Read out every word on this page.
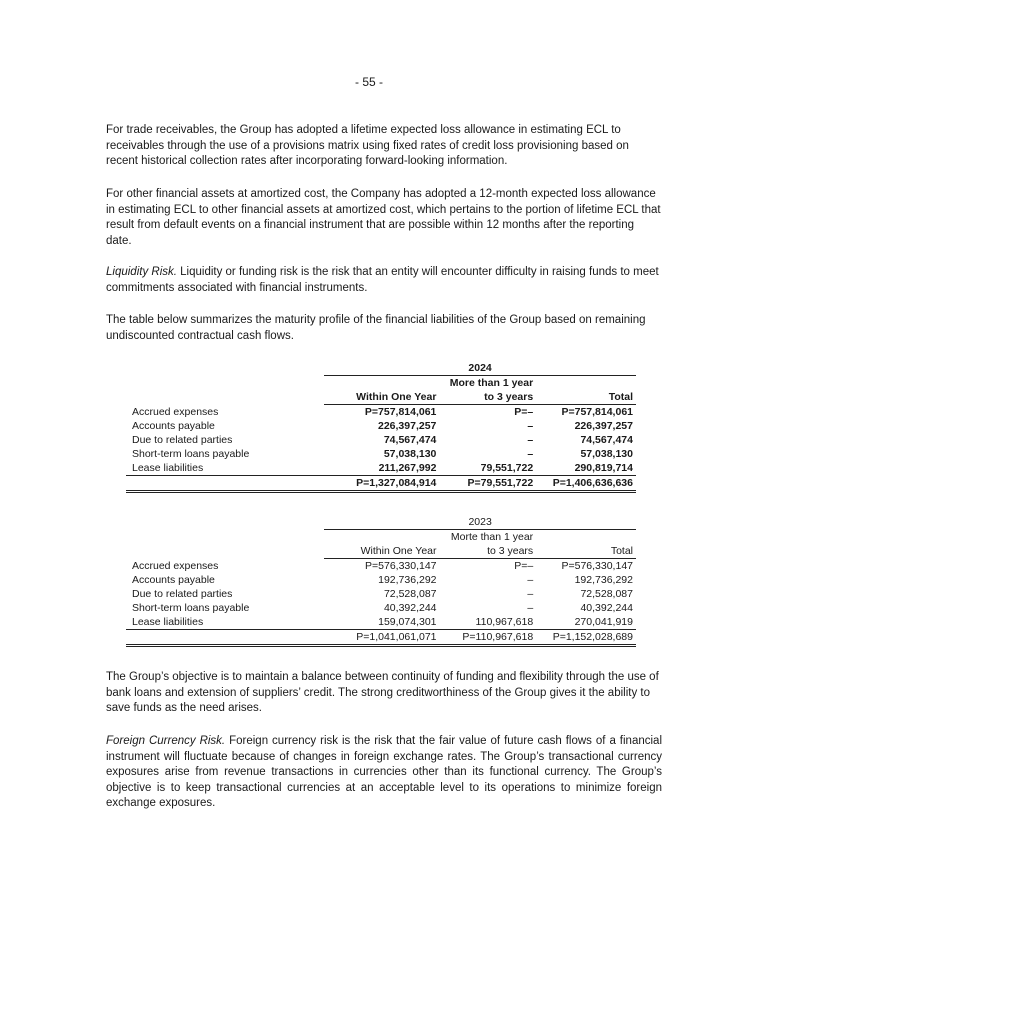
- 55 -

For trade receivables, the Group has adopted a lifetime expected loss allowance in estimating ECL to receivables through the use of a provisions matrix using fixed rates of credit loss provisioning based on recent historical collection rates after incorporating forward-looking information.

For other financial assets at amortized cost, the Company has adopted a 12-month expected loss allowance in estimating ECL to other financial assets at amortized cost, which pertains to the portion of lifetime ECL that result from default events on a financial instrument that are possible within 12 months after the reporting date.

Liquidity Risk. Liquidity or funding risk is the risk that an entity will encounter difficulty in raising funds to meet commitments associated with financial instruments.

The table below summarizes the maturity profile of the financial liabilities of the Group based on remaining undiscounted contractual cash flows.

	2024		
		More than 1 year	
	Within One Year	to 3 years	Total
Accrued expenses	P=757,814,061	P=–	P=757,814,061
Accounts payable	226,397,257	–	226,397,257
Due to related parties	74,567,474	–	74,567,474
Short-term loans payable	57,038,130	–	57,038,130
Lease liabilities	211,267,992	79,551,722	290,819,714
	P=1,327,084,914	P=79,551,722	P=1,406,636,636
	2023		
		Morte than 1 year	
	Within One Year	to 3 years	Total
Accrued expenses	P=576,330,147	P=–	P=576,330,147
Accounts payable	192,736,292	–	192,736,292
Due to related parties	72,528,087	–	72,528,087
Short-term loans payable	40,392,244	–	40,392,244
Lease liabilities	159,074,301	110,967,618	270,041,919
	P=1,041,061,071	P=110,967,618	P=1,152,028,689

The Group’s objective is to maintain a balance between continuity of funding and flexibility through the use of bank loans and extension of suppliers’ credit. The strong creditworthiness of the Group gives it the ability to save funds as the need arises.

Foreign Currency Risk. Foreign currency risk is the risk that the fair value of future cash flows of a financial instrument will fluctuate because of changes in foreign exchange rates. The Group’s transactional currency exposures arise from revenue transactions in currencies other than its functional currency. The Group’s objective is to keep transactional currencies at an acceptable level to its operations to minimize foreign exchange exposures.
